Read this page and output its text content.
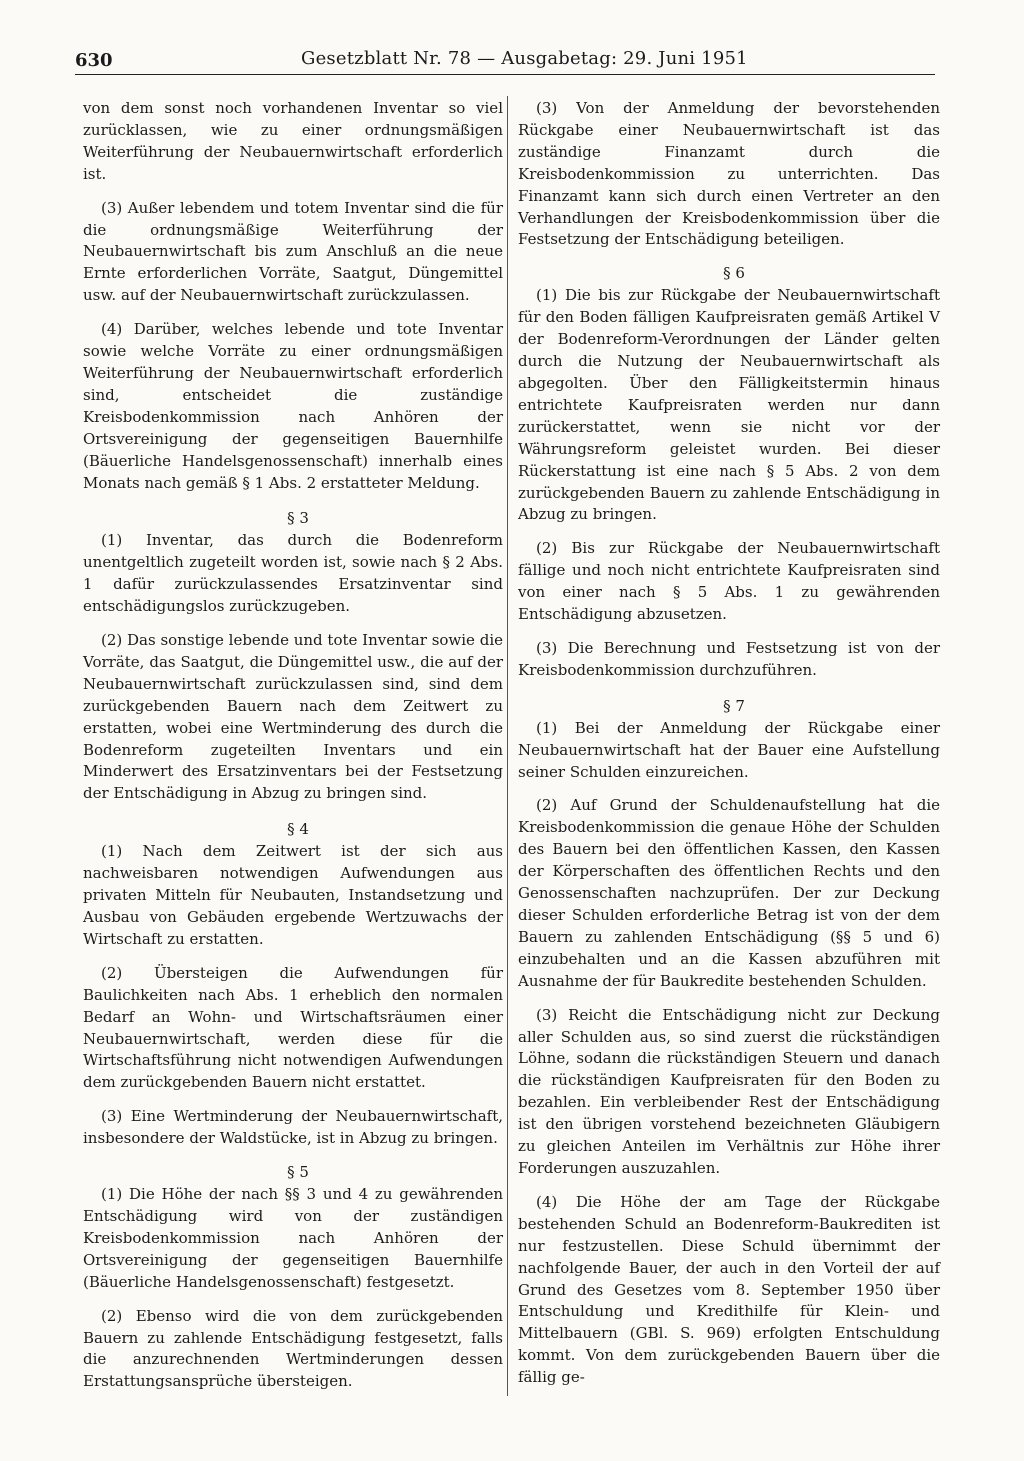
630	Gesetzblatt Nr. 78 — Ausgabetag: 29. Juni 1951

von dem sonst noch vorhandenen Inventar so viel zurücklassen, wie zu einer ordnungsmäßigen Weiterführung der Neubauernwirtschaft erforderlich ist.

(3) Außer lebendem und totem Inventar sind die für die ordnungsmäßige Weiterführung der Neubauernwirtschaft bis zum Anschluß an die neue Ernte erforderlichen Vorräte, Saatgut, Düngemittel usw. auf der Neubauernwirtschaft zurückzulassen.

(4) Darüber, welches lebende und tote Inventar sowie welche Vorräte zu einer ordnungsmäßigen Weiterführung der Neubauernwirtschaft erforderlich sind, entscheidet die zuständige Kreisbodenkommission nach Anhören der Ortsvereinigung der gegenseitigen Bauernhilfe (Bäuerliche Handelsgenossenschaft) innerhalb eines Monats nach gemäß § 1 Abs. 2 erstatteter Meldung.

§ 3

(1) Inventar, das durch die Bodenreform unentgeltlich zugeteilt worden ist, sowie nach § 2 Abs. 1 dafür zurückzulassendes Ersatzinventar sind entschädigungslos zurückzugeben.

(2) Das sonstige lebende und tote Inventar sowie die Vorräte, das Saatgut, die Düngemittel usw., die auf der Neubauernwirtschaft zurückzulassen sind, sind dem zurückgebenden Bauern nach dem Zeitwert zu erstatten, wobei eine Wertminderung des durch die Bodenreform zugeteilten Inventars und ein Minderwert des Ersatzinventars bei der Festsetzung der Entschädigung in Abzug zu bringen sind.

§ 4

(1) Nach dem Zeitwert ist der sich aus nachweisbaren notwendigen Aufwendungen aus privaten Mitteln für Neubauten, Instandsetzung und Ausbau von Gebäuden ergebende Wertzuwachs der Wirtschaft zu erstatten.

(2) Übersteigen die Aufwendungen für Baulichkeiten nach Abs. 1 erheblich den normalen Bedarf an Wohn- und Wirtschaftsräumen einer Neubauernwirtschaft, werden diese für die Wirtschaftsführung nicht notwendigen Aufwendungen dem zurückgebenden Bauern nicht erstattet.

(3) Eine Wertminderung der Neubauernwirtschaft, insbesondere der Waldstücke, ist in Abzug zu bringen.

§ 5

(1) Die Höhe der nach §§ 3 und 4 zu gewährenden Entschädigung wird von der zuständigen Kreisbodenkommission nach Anhören der Ortsvereinigung der gegenseitigen Bauernhilfe (Bäuerliche Handelsgenossenschaft) festgesetzt.

(2) Ebenso wird die von dem zurückgebenden Bauern zu zahlende Entschädigung festgesetzt, falls die anzurechnenden Wertminderungen dessen Erstattungsansprüche übersteigen.

(3) Von der Anmeldung der bevorstehenden Rückgabe einer Neubauernwirtschaft ist das zuständige Finanzamt durch die Kreisbodenkommission zu unterrichten. Das Finanzamt kann sich durch einen Vertreter an den Verhandlungen der Kreisbodenkommission über die Festsetzung der Entschädigung beteiligen.

§ 6

(1) Die bis zur Rückgabe der Neubauernwirtschaft für den Boden fälligen Kaufpreisraten gemäß Artikel V der Bodenreform-Verordnungen der Länder gelten durch die Nutzung der Neubauernwirtschaft als abgegolten. Über den Fälligkeitstermin hinaus entrichtete Kaufpreisraten werden nur dann zurückerstattet, wenn sie nicht vor der Währungsreform geleistet wurden. Bei dieser Rückerstattung ist eine nach § 5 Abs. 2 von dem zurückgebenden Bauern zu zahlende Entschädigung in Abzug zu bringen.

(2) Bis zur Rückgabe der Neubauernwirtschaft fällige und noch nicht entrichtete Kaufpreisraten sind von einer nach § 5 Abs. 1 zu gewährenden Entschädigung abzusetzen.

(3) Die Berechnung und Festsetzung ist von der Kreisbodenkommission durchzuführen.

§ 7

(1) Bei der Anmeldung der Rückgabe einer Neubauernwirtschaft hat der Bauer eine Aufstellung seiner Schulden einzureichen.

(2) Auf Grund der Schuldenaufstellung hat die Kreisbodenkommission die genaue Höhe der Schulden des Bauern bei den öffentlichen Kassen, den Kassen der Körperschaften des öffentlichen Rechts und den Genossenschaften nachzuprüfen. Der zur Deckung dieser Schulden erforderliche Betrag ist von der dem Bauern zu zahlenden Entschädigung (§§ 5 und 6) einzubehalten und an die Kassen abzuführen mit Ausnahme der für Baukredite bestehenden Schulden.

(3) Reicht die Entschädigung nicht zur Deckung aller Schulden aus, so sind zuerst die rückständigen Löhne, sodann die rückständigen Steuern und danach die rückständigen Kaufpreisraten für den Boden zu bezahlen. Ein verbleibender Rest der Entschädigung ist den übrigen vorstehend bezeichneten Gläubigern zu gleichen Anteilen im Verhältnis zur Höhe ihrer Forderungen auszuzahlen.

(4) Die Höhe der am Tage der Rückgabe bestehenden Schuld an Bodenreform-Baukrediten ist nur festzustellen. Diese Schuld übernimmt der nachfolgende Bauer, der auch in den Vorteil der auf Grund des Gesetzes vom 8. September 1950 über Entschuldung und Kredithilfe für Klein- und Mittelbauern (GBl. S. 969) erfolgten Entschuldung kommt. Von dem zurückgebenden Bauern über die fällig ge-
